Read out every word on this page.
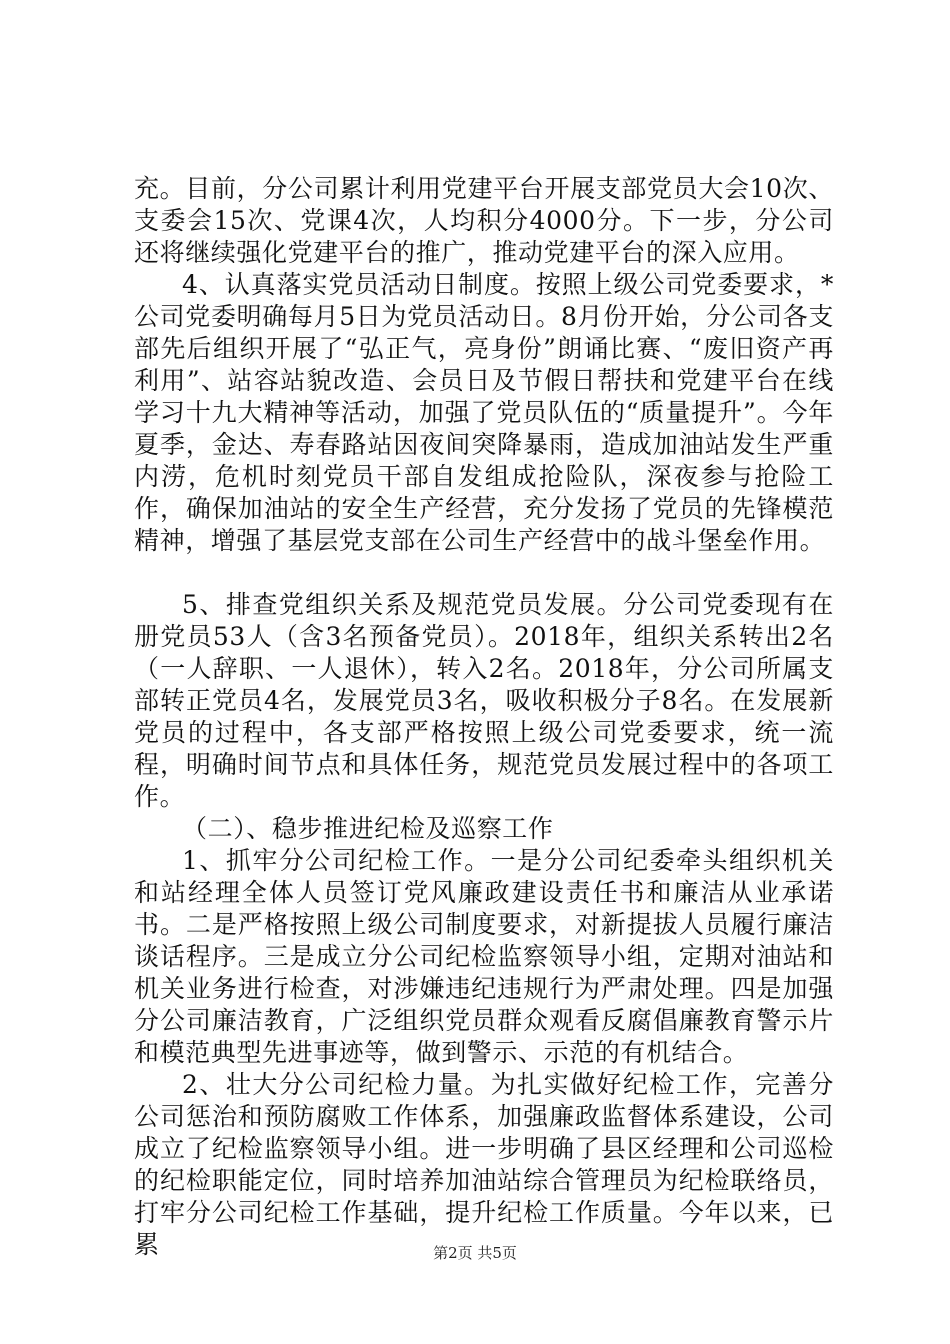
充。目前，分公司累计利用党建平台开展支部党员大会10次、支委会15次、党课4次，人均积分4000分。下一步，分公司还将继续强化党建平台的推广，推动党建平台的深入应用。

4、认真落实党员活动日制度。按照上级公司党委要求，*公司党委明确每月5日为党员活动日。8月份开始，分公司各支部先后组织开展了“弘正气，亮身份”朗诵比赛、“废旧资产再利用”、站容站貌改造、会员日及节假日帮扶和党建平台在线学习十九大精神等活动，加强了党员队伍的“质量提升”。今年夏季，金达、寿春路站因夜间突降暴雨，造成加油站发生严重内涝，危机时刻党员干部自发组成抢险队，深夜参与抢险工作，确保加油站的安全生产经营，充分发扬了党员的先锋模范精神，增强了基层党支部在公司生产经营中的战斗堡垒作用。

5、排查党组织关系及规范党员发展。分公司党委现有在册党员53人（含3名预备党员）。2018年，组织关系转出2名（一人辞职、一人退休），转入2名。2018年，分公司所属支部转正党员4名，发展党员3名，吸收积极分子8名。在发展新党员的过程中，各支部严格按照上级公司党委要求，统一流程，明确时间节点和具体任务，规范党员发展过程中的各项工作。

（二）、稳步推进纪检及巡察工作

1、抓牢分公司纪检工作。一是分公司纪委牵头组织机关和站经理全体人员签订党风廉政建设责任书和廉洁从业承诺书。二是严格按照上级公司制度要求，对新提拔人员履行廉洁谈话程序。三是成立分公司纪检监察领导小组，定期对油站和机关业务进行检查，对涉嫌违纪违规行为严肃处理。四是加强分公司廉洁教育，广泛组织党员群众观看反腐倡廉教育警示片和模范典型先进事迹等，做到警示、示范的有机结合。

2、壮大分公司纪检力量。为扎实做好纪检工作，完善分公司惩治和预防腐败工作体系，加强廉政监督体系建设，公司成立了纪检监察领导小组。进一步明确了县区经理和公司巡检的纪检职能定位，同时培养加油站综合管理员为纪检联络员，打牢分公司纪检工作基础，提升纪检工作质量。今年以来，已累	第2页 共5页
